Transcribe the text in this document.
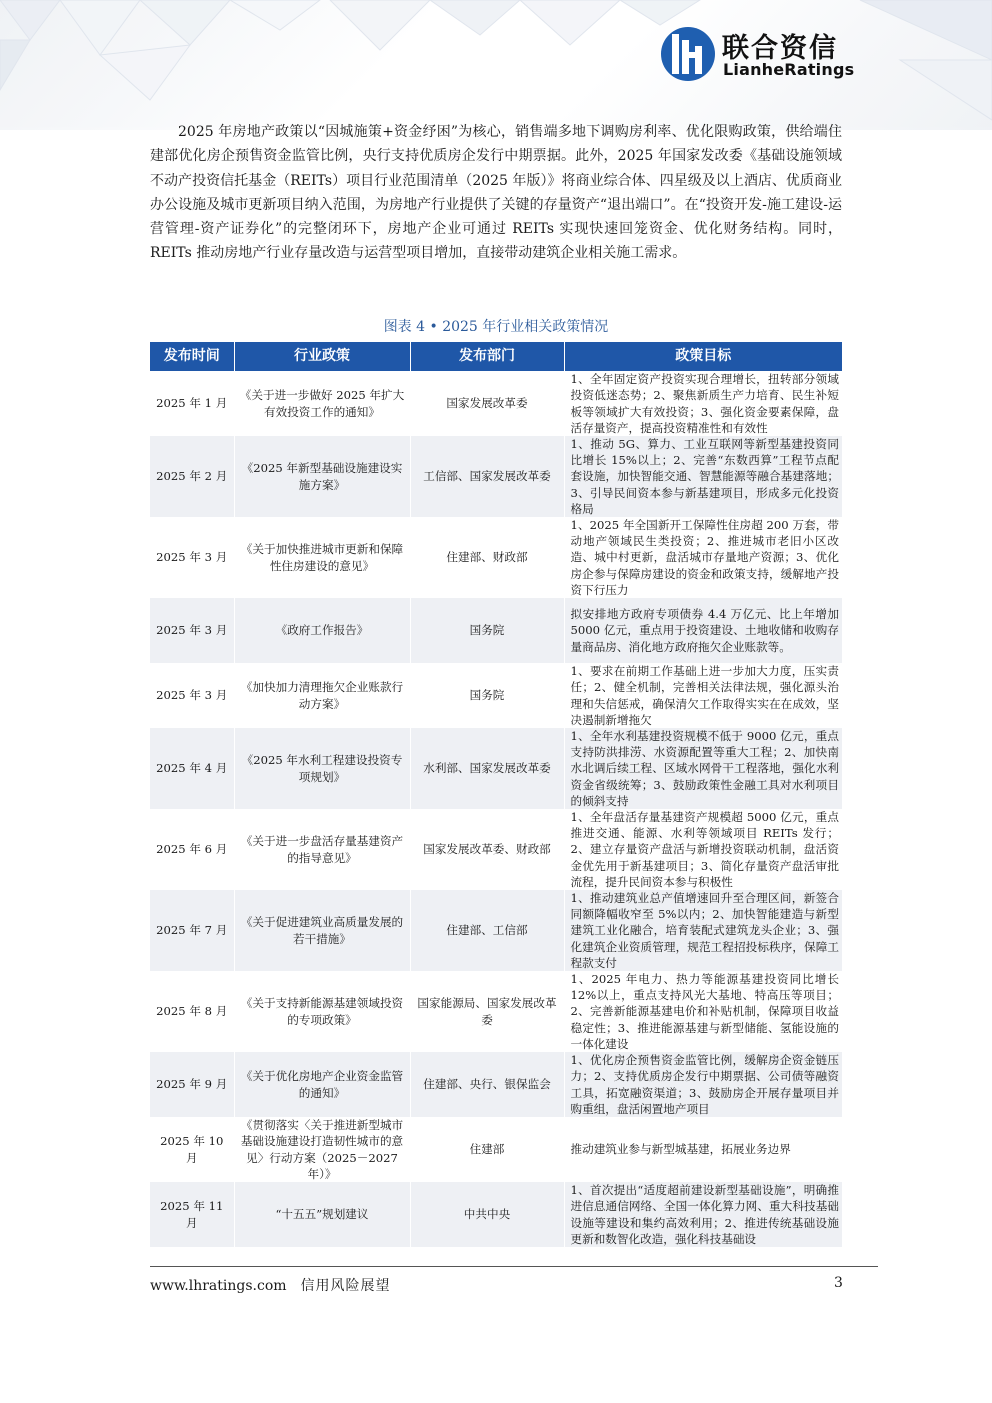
联合资信
LianheRatings

2025 年房地产政策以“因城施策+资金纾困”为核心，销售端多地下调购房利率、优化限购政策，供给端住建部优化房企预售资金监管比例，央行支持优质房企发行中期票据。此外，2025 年国家发改委《基础设施领域不动产投资信托基金（REITs）项目行业范围清单（2025 年版）》将商业综合体、四星级及以上酒店、优质商业办公设施及城市更新项目纳入范围，为房地产行业提供了关键的存量资产“退出端口”。在“投资开发-施工建设-运营管理-资产证券化”的完整闭环下，房地产企业可通过 REITs 实现快速回笼资金、优化财务结构。同时，REITs 推动房地产行业存量改造与运营型项目增加，直接带动建筑企业相关施工需求。

图表 4 • 2025 年行业相关政策情况
发布时间	行业政策	发布部门	政策目标
2025 年 1 月	《关于进一步做好 2025 年扩大有效投资工作的通知》	国家发展改革委	1、全年固定资产投资实现合理增长，扭转部分领域投资低迷态势；2、聚焦新质生产力培育、民生补短板等领域扩大有效投资；3、强化资金要素保障，盘活存量资产，提高投资精准性和有效性
2025 年 2 月	《2025 年新型基础设施建设实施方案》	工信部、国家发展改革委	1、推动 5G、算力、工业互联网等新型基建投资同比增长 15%以上；2、完善“东数西算”工程节点配套设施，加快智能交通、智慧能源等融合基建落地；3、引导民间资本参与新基建项目，形成多元化投资格局
2025 年 3 月	《关于加快推进城市更新和保障性住房建设的意见》	住建部、财政部	1、2025 年全国新开工保障性住房超 200 万套，带动地产领域民生类投资；2、推进城市老旧小区改造、城中村更新，盘活城市存量地产资源；3、优化房企参与保障房建设的资金和政策支持，缓解地产投资下行压力
2025 年 3 月	《政府工作报告》	国务院	拟安排地方政府专项债券 4.4 万亿元、比上年增加 5000 亿元，重点用于投资建设、土地收储和收购存量商品房、消化地方政府拖欠企业账款等。
2025 年 3 月	《加快加力清理拖欠企业账款行动方案》	国务院	1、要求在前期工作基础上进一步加大力度，压实责任；2、健全机制，完善相关法律法规，强化源头治理和失信惩戒，确保清欠工作取得实实在在成效，坚决遏制新增拖欠
2025 年 4 月	《2025 年水利工程建设投资专项规划》	水利部、国家发展改革委	1、全年水利基建投资规模不低于 9000 亿元，重点支持防洪排涝、水资源配置等重大工程；2、加快南水北调后续工程、区域水网骨干工程落地，强化水利资金省级统筹；3、鼓励政策性金融工具对水利项目的倾斜支持
2025 年 6 月	《关于进一步盘活存量基建资产的指导意见》	国家发展改革委、财政部	1、全年盘活存量基建资产规模超 5000 亿元，重点推进交通、能源、水利等领域项目 REITs 发行；2、建立存量资产盘活与新增投资联动机制，盘活资金优先用于新基建项目；3、简化存量资产盘活审批流程，提升民间资本参与积极性
2025 年 7 月	《关于促进建筑业高质量发展的若干措施》	住建部、工信部	1、推动建筑业总产值增速回升至合理区间，新签合同额降幅收窄至 5%以内；2、加快智能建造与新型建筑工业化融合，培育装配式建筑龙头企业；3、强化建筑企业资质管理，规范工程招投标秩序，保障工程款支付
2025 年 8 月	《关于支持新能源基建领域投资的专项政策》	国家能源局、国家发展改革委	1、2025 年电力、热力等能源基建投资同比增长 12%以上，重点支持风光大基地、特高压等项目；2、完善新能源基建电价和补贴机制，保障项目收益稳定性；3、推进能源基建与新型储能、氢能设施的一体化建设
2025 年 9 月	《关于优化房地产企业资金监管的通知》	住建部、央行、银保监会	1、优化房企预售资金监管比例，缓解房企资金链压力；2、支持优质房企发行中期票据、公司债等融资工具，拓宽融资渠道；3、鼓励房企开展存量项目并购重组，盘活闲置地产项目
2025 年 10 月	《贯彻落实〈关于推进新型城市基础设施建设打造韧性城市的意见〉行动方案（2025－2027 年）》	住建部	推动建筑业参与新型城基建，拓展业务边界
2025 年 11 月	“十五五”规划建议	中共中央	1、首次提出“适度超前建设新型基础设施”，明确推进信息通信网络、全国一体化算力网、重大科技基础设施等建设和集约高效利用；2、推进传统基础设施更新和数智化改造，强化科技基础设
www.lhratings.com 信用风险展望	3
